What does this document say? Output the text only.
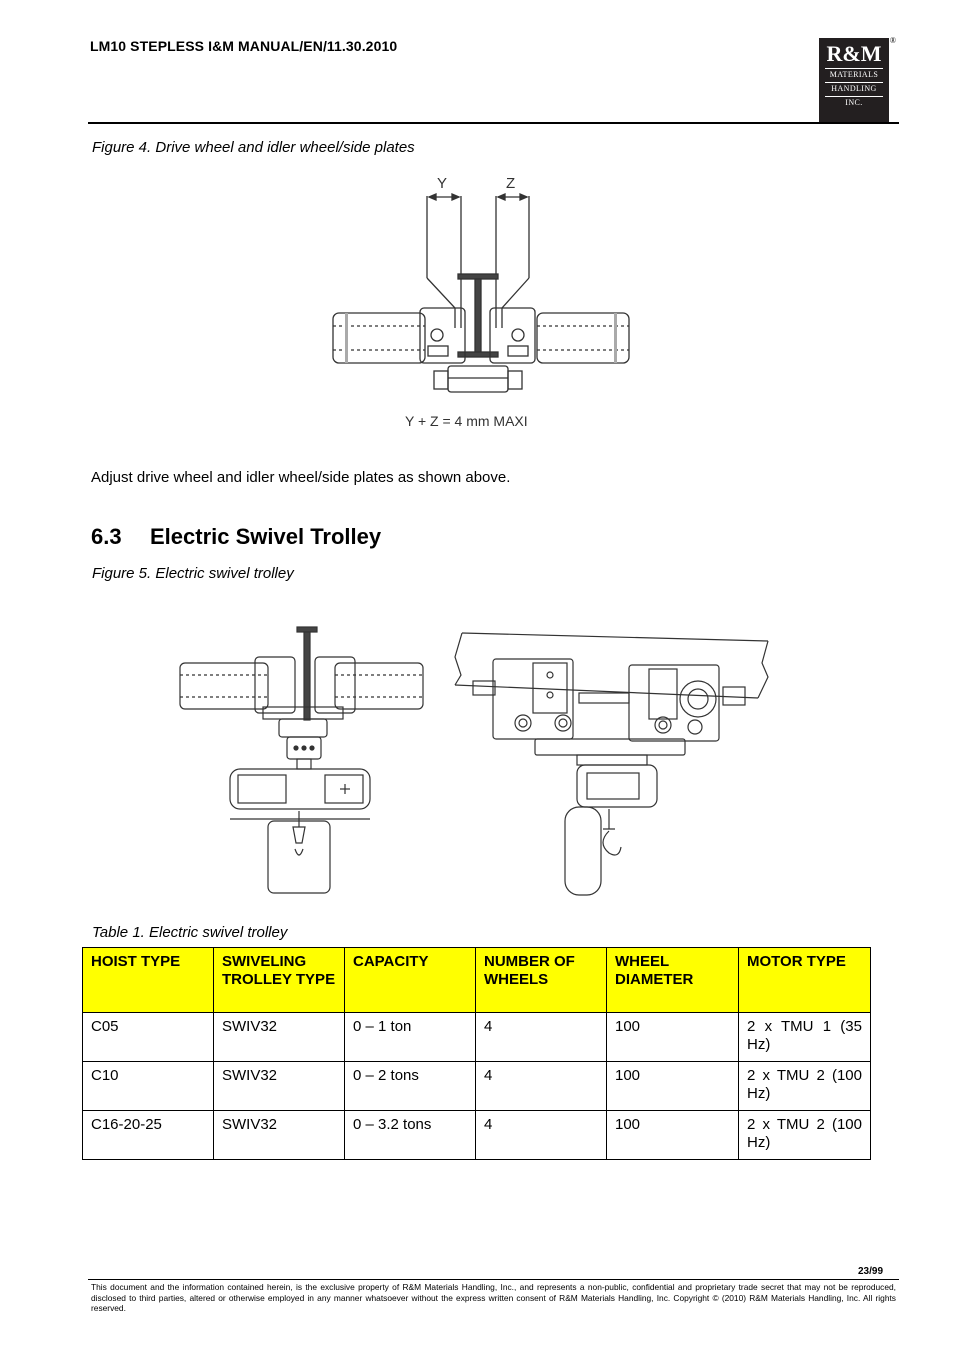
LM10 STEPLESS I&M MANUAL/EN/11.30.2010	®
R&M
MATERIALS
HANDLING
INC.
Figure 4. Drive wheel and idler wheel/side plates
Y	Z
Y + Z = 4 mm MAXI
Adjust drive wheel and idler wheel/side plates as shown above.
6.3 Electric Swivel Trolley
Figure 5. Electric swivel trolley
Table 1. Electric swivel trolley
HOIST TYPE	SWIVELING TROLLEY TYPE	CAPACITY	NUMBER OF WHEELS	WHEEL DIAMETER	MOTOR TYPE
C05	SWIV32	0 – 1 ton	4	100	2 x TMU 1 (35 Hz)
C10	SWIV32	0 – 2 tons	4	100	2 x TMU 2 (100 Hz)
C16-20-25	SWIV32	0 – 3.2 tons	4	100	2 x TMU 2 (100 Hz)
23/99
This document and the information contained herein, is the exclusive property of R&M Materials Handling, Inc., and represents a non-public, confidential and proprietary trade secret that may not be reproduced, disclosed to third parties, altered or otherwise employed in any manner whatsoever without the express written consent of R&M Materials Handling, Inc. Copyright © (2010) R&M Materials Handling, Inc. All rights reserved.
